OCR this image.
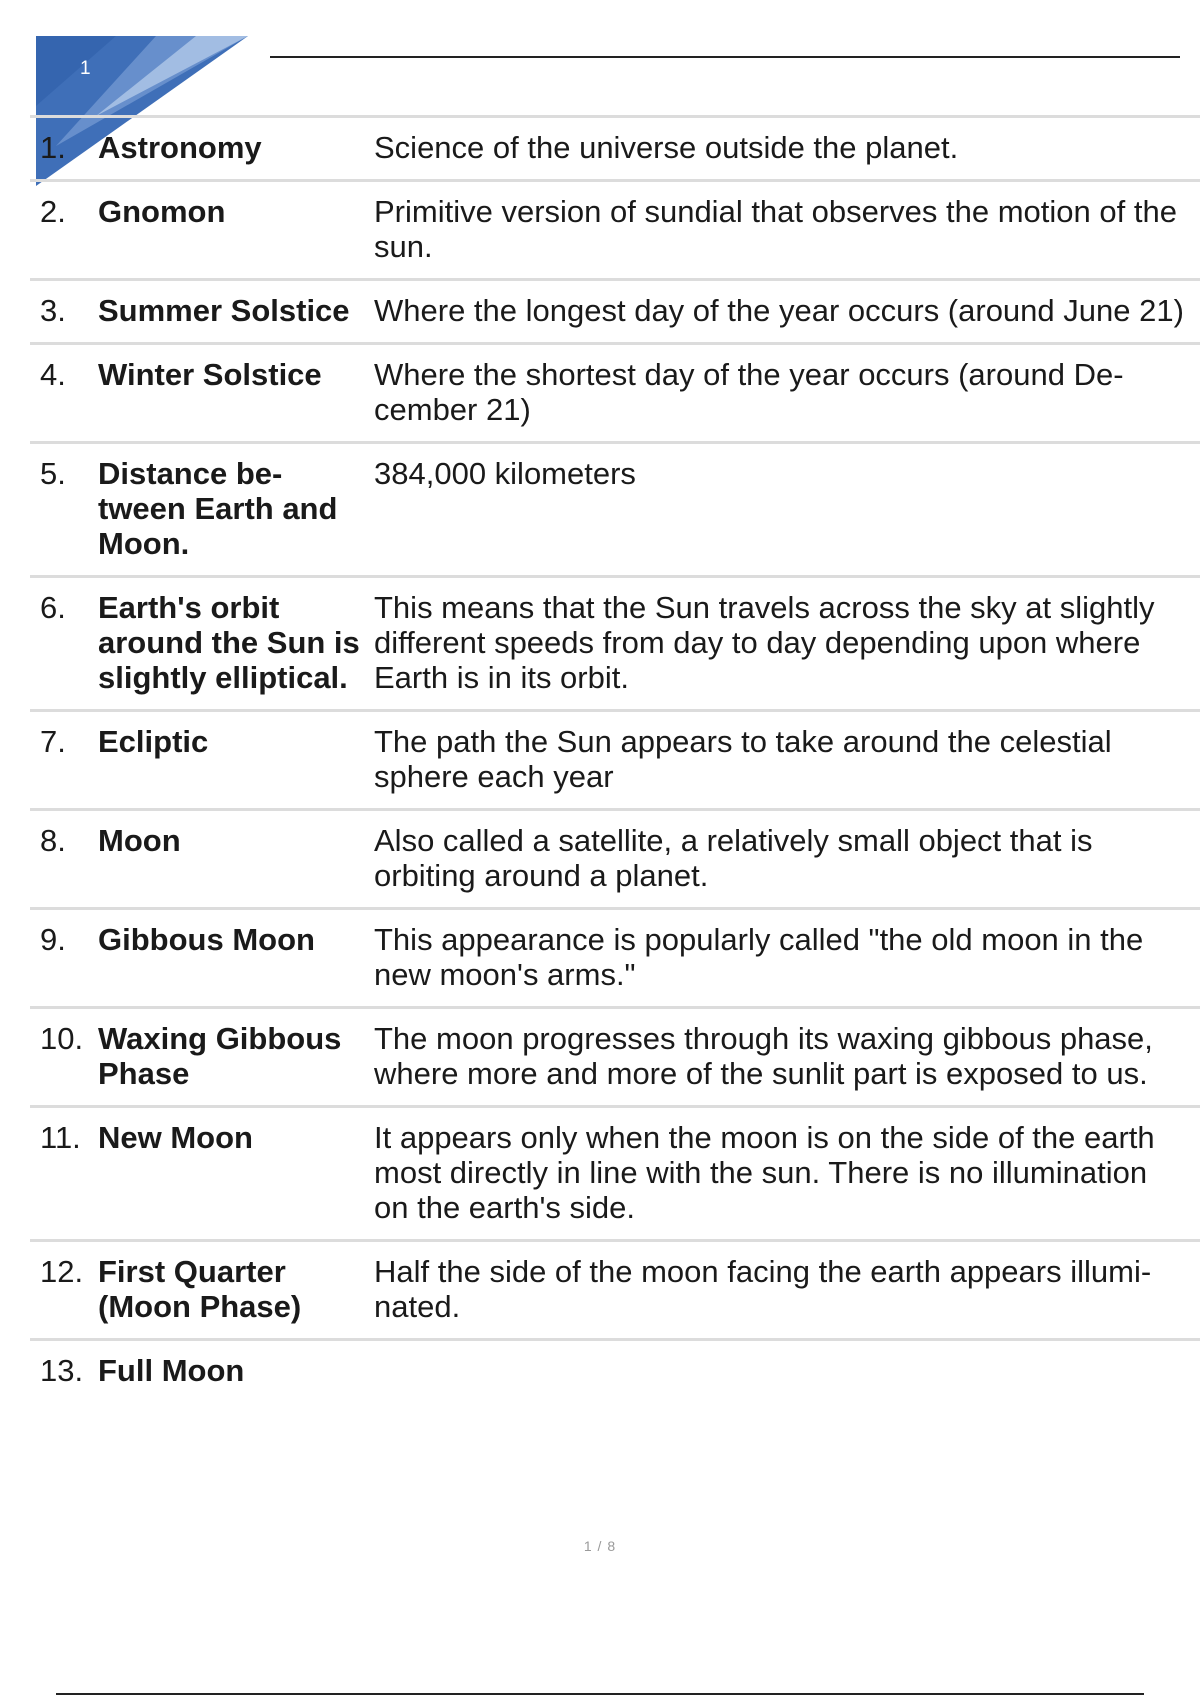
1
1.	Astronomy	Science of the universe outside the planet.
2.	Gnomon	Primitive version of sundial that observes the motion of the sun.
3.	Summer Solstice	Where the longest day of the year occurs (around June 21)
4.	Winter Solstice	Where the shortest day of the year occurs (around De- cember 21)
5.	Distance be- tween Earth and Moon.	384,000 kilometers
6.	Earth's orbit around the Sun is slightly elliptical.	This means that the Sun travels across the sky at slightly different speeds from day to day depending upon where Earth is in its orbit.
7.	Ecliptic	The path the Sun appears to take around the celestial sphere each year
8.	Moon	Also called a satellite, a relatively small object that is orbiting around a planet.
9.	Gibbous Moon	This appearance is popularly called "the old moon in the new moon's arms."
10.	Waxing Gibbous Phase	The moon progresses through its waxing gibbous phase, where more and more of the sunlit part is exposed to us.
11.	New Moon	It appears only when the moon is on the side of the earth most directly in line with the sun. There is no illumination on the earth's side.
12.	First Quarter (Moon Phase)	Half the side of the moon facing the earth appears illumi- nated.
13.	Full Moon	
1 / 8
